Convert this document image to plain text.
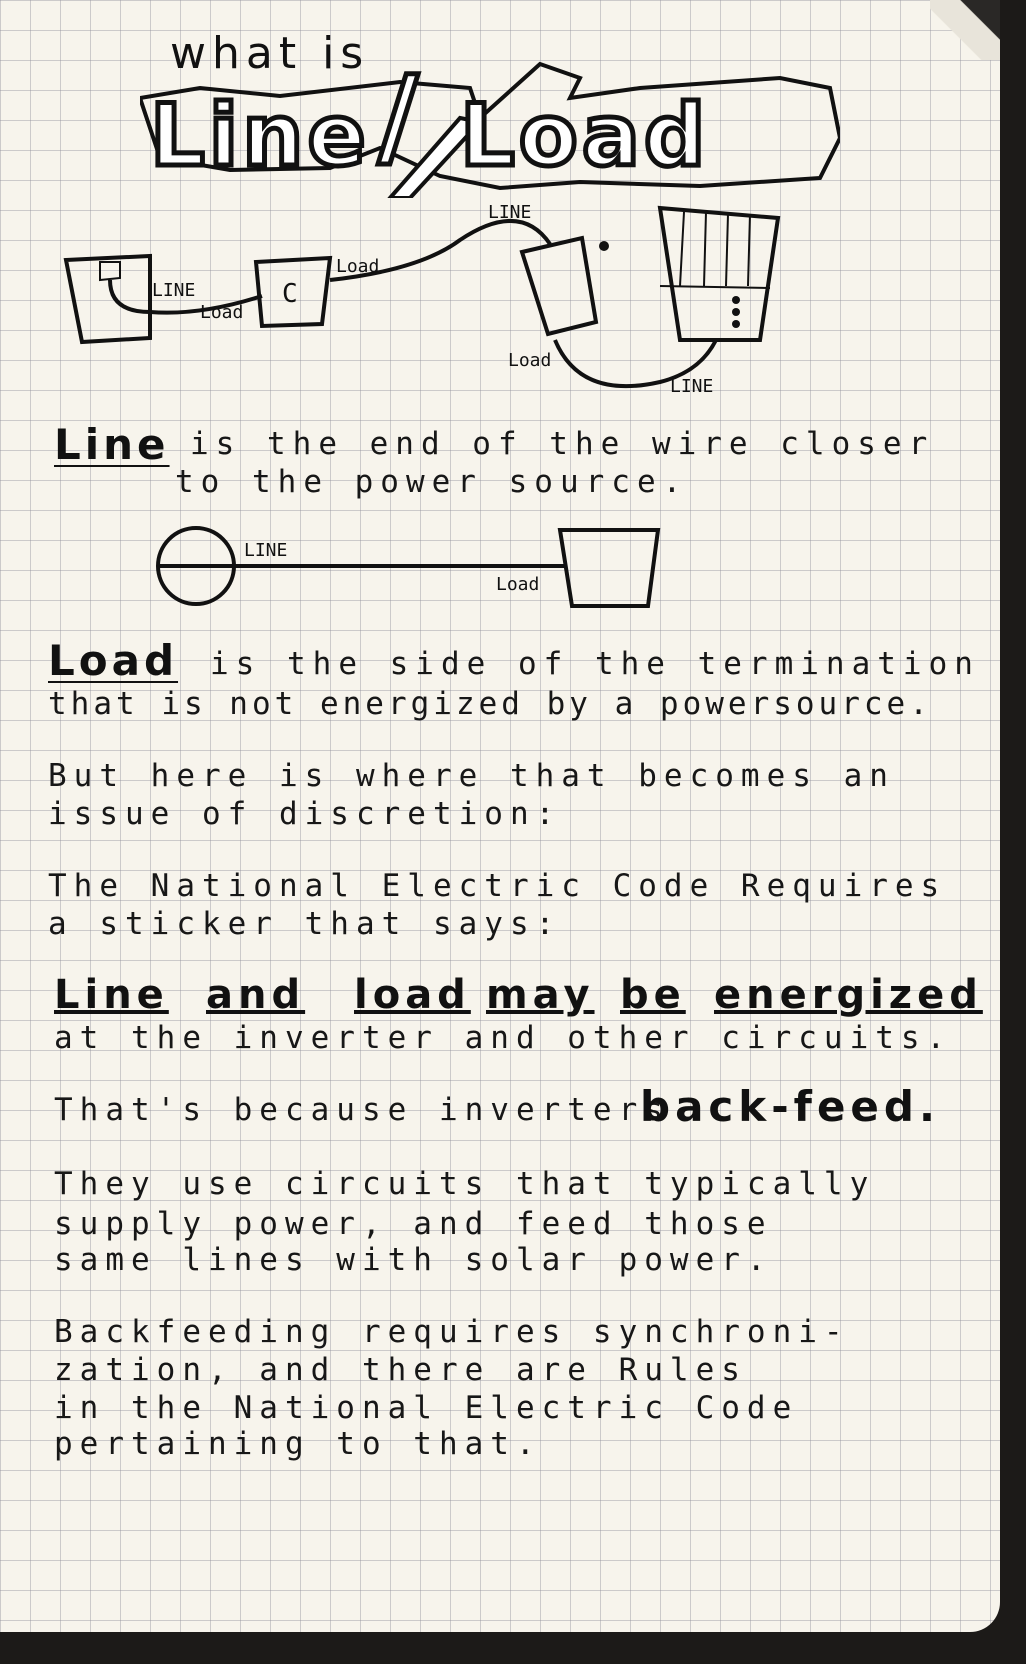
what is

Line / Load
LINE
Load
C
Load
LINE
Load
LINE
LINE
Load
Line is the end of the wire closer

to the power source.

Load is the side of the termination

that is not energized by a powersource.

But here is where that becomes an

issue of discretion:

The National Electric Code Requires

a sticker that says:

Line and load may be energized

at the inverter and other circuits.

That's because inverters

back-feed.

They use circuits that typically

supply power, and feed those

same lines with solar power.

Backfeeding requires synchroni-

zation, and there are Rules

in the National Electric Code

pertaining to that.
